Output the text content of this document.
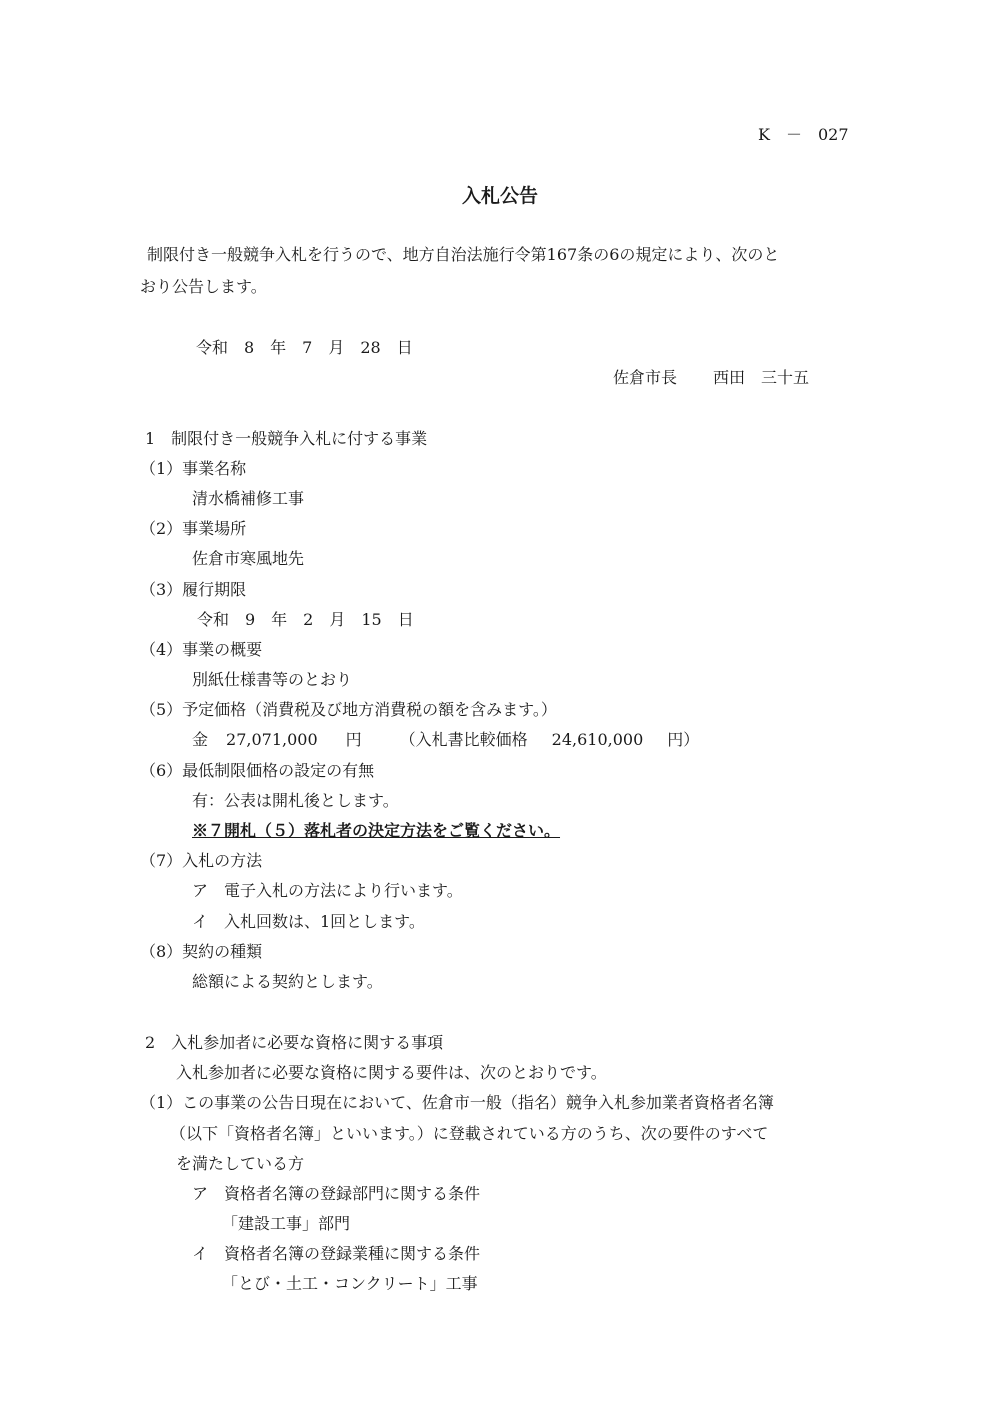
K　－　027
入札公告
制限付き一般競争入札を行うので、地方自治法施行令第167条の6の規定により、次のと
おり公告します。
令和　8　年　7　月　28　日
佐倉市長 西田　三十五
1　制限付き一般競争入札に付する事業
（1）事業名称
清水橋補修工事
（2）事業場所
佐倉市寒風地先
（3）履行期限
令和　9　年　2　月　15　日
（4）事業の概要
別紙仕様書等のとおり
（5）予定価格（消費税及び地方消費税の額を含みます。）
金 27,071,000 円 （入札書比較価格 24,610,000 円）
（6）最低制限価格の設定の有無
有：公表は開札後とします。
※７開札（５）落札者の決定方法をご覧ください。
（7）入札の方法
ア　電子入札の方法により行います。
イ　入札回数は、1回とします。
（8）契約の種類
総額による契約とします。
2　入札参加者に必要な資格に関する事項
入札参加者に必要な資格に関する要件は、次のとおりです。
（1）この事業の公告日現在において、佐倉市一般（指名）競争入札参加業者資格者名簿
（以下「資格者名簿」といいます。）に登載されている方のうち、次の要件のすべて
を満たしている方
ア　資格者名簿の登録部門に関する条件
「建設工事」部門
イ　資格者名簿の登録業種に関する条件
「とび・土工・コンクリート」工事
